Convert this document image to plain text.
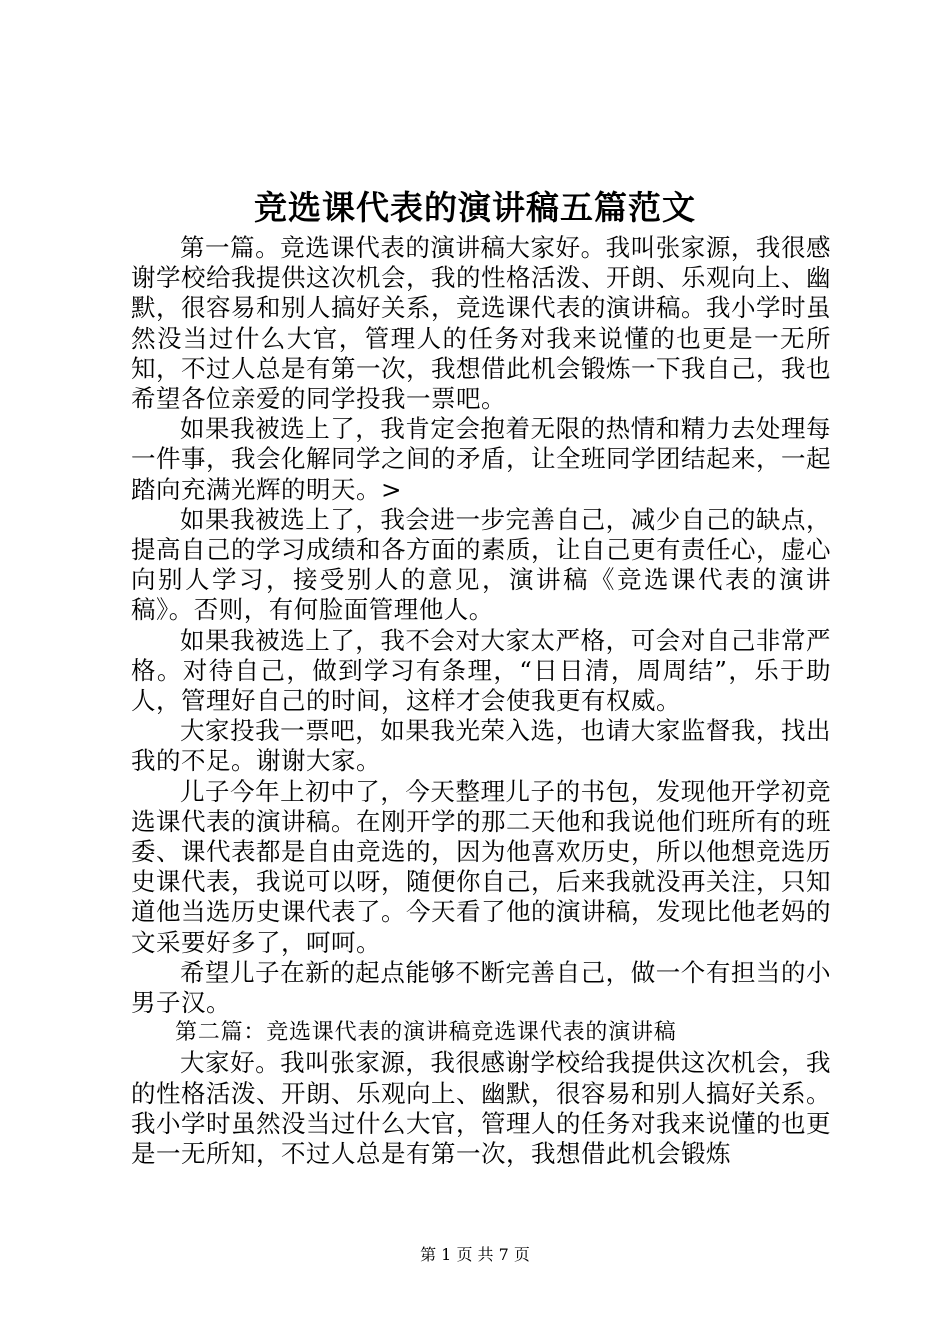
竞选课代表的演讲稿五篇范文

第一篇。竞选课代表的演讲稿大家好。我叫张家源，我很感谢学校给我提供这次机会，我的性格活泼、开朗、乐观向上、幽默，很容易和别人搞好关系，竞选课代表的演讲稿。我小学时虽然没当过什么大官，管理人的任务对我来说懂的也更是一无所知，不过人总是有第一次，我想借此机会锻炼一下我自己，我也希望各位亲爱的同学投我一票吧。

如果我被选上了，我肯定会抱着无限的热情和精力去处理每一件事，我会化解同学之间的矛盾，让全班同学团结起来，一起踏向充满光辉的明天。>

如果我被选上了，我会进一步完善自己，减少自己的缺点，提高自己的学习成绩和各方面的素质，让自己更有责任心，虚心向别人学习，接受别人的意见，演讲稿《竞选课代表的演讲稿》。否则，有何脸面管理他人。

如果我被选上了，我不会对大家太严格，可会对自己非常严格。对待自己，做到学习有条理，“日日清，周周结”，乐于助人，管理好自己的时间，这样才会使我更有权威。

大家投我一票吧，如果我光荣入选，也请大家监督我，找出我的不足。谢谢大家。

儿子今年上初中了，今天整理儿子的书包，发现他开学初竞选课代表的演讲稿。在刚开学的那二天他和我说他们班所有的班委、课代表都是自由竞选的，因为他喜欢历史，所以他想竞选历史课代表，我说可以呀，随便你自己，后来我就没再关注，只知道他当选历史课代表了。今天看了他的演讲稿，发现比他老妈的文采要好多了，呵呵。

希望儿子在新的起点能够不断完善自己，做一个有担当的小男子汉。

第二篇：竞选课代表的演讲稿竞选课代表的演讲稿

大家好。我叫张家源，我很感谢学校给我提供这次机会，我的性格活泼、开朗、乐观向上、幽默，很容易和别人搞好关系。我小学时虽然没当过什么大官，管理人的任务对我来说懂的也更是一无所知，不过人总是有第一次，我想借此机会锻炼

第 1 页 共 7 页
